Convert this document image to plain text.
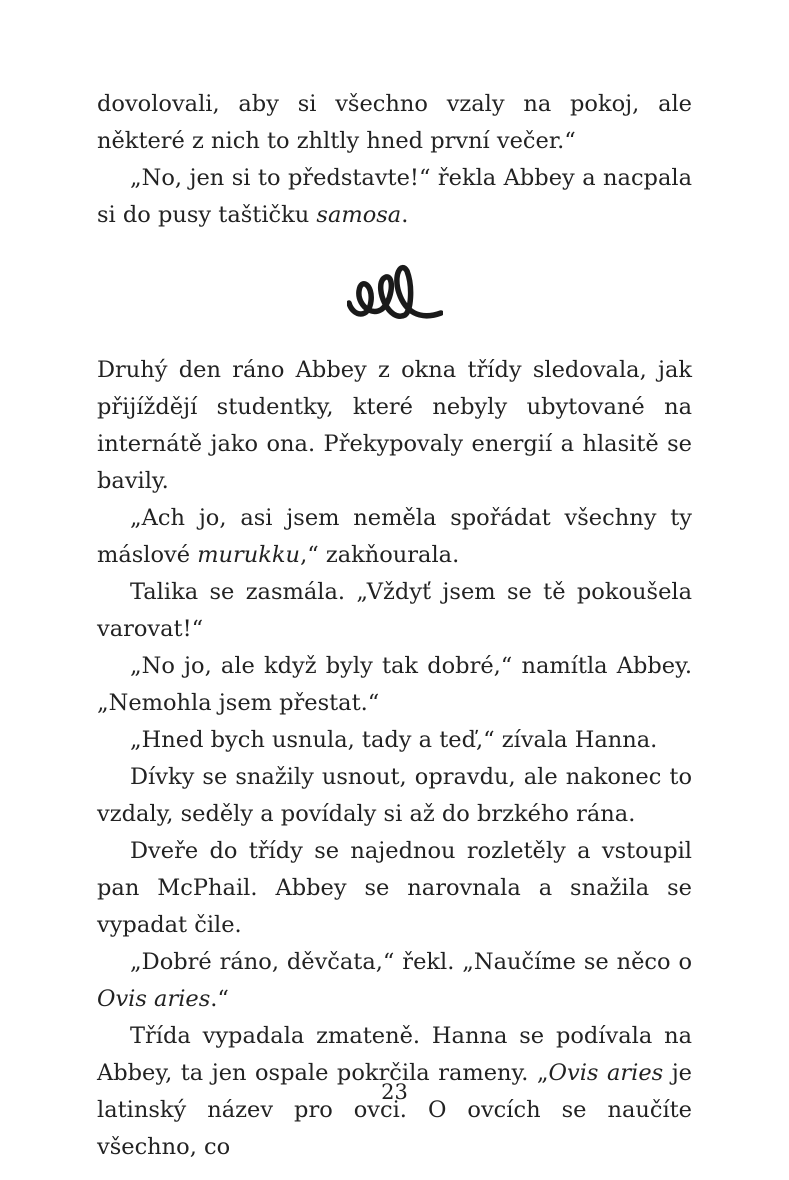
dovolovali, aby si všechno vzaly na pokoj, ale některé z nich to zhltly hned první večer.“

„No, jen si to představte!“ řekla Abbey a nacpala si do pusy taštičku samosa.

Druhý den ráno Abbey z okna třídy sledovala, jak přijíždějí studentky, které nebyly ubytované na internátě jako ona. Překypovaly energií a hlasitě se bavily.

„Ach jo, asi jsem neměla spořádat všechny ty máslové murukku,“ zakňourala.

Talika se zasmála. „Vždyť jsem se tě pokoušela varovat!“

„No jo, ale když byly tak dobré,“ namítla Abbey. „Nemohla jsem přestat.“

„Hned bych usnula, tady a teď,“ zívala Hanna.

Dívky se snažily usnout, opravdu, ale nakonec to vzdaly, seděly a povídaly si až do brzkého rána.

Dveře do třídy se najednou rozletěly a vstoupil pan McPhail. Abbey se narovnala a snažila se vypadat čile.

„Dobré ráno, děvčata,“ řekl. „Naučíme se něco o Ovis aries.“

Třída vypadala zmateně. Hanna se podívala na Abbey, ta jen ospale pokrčila rameny. „Ovis aries je latinský název pro ovci. O ovcích se naučíte všechno, co

23
